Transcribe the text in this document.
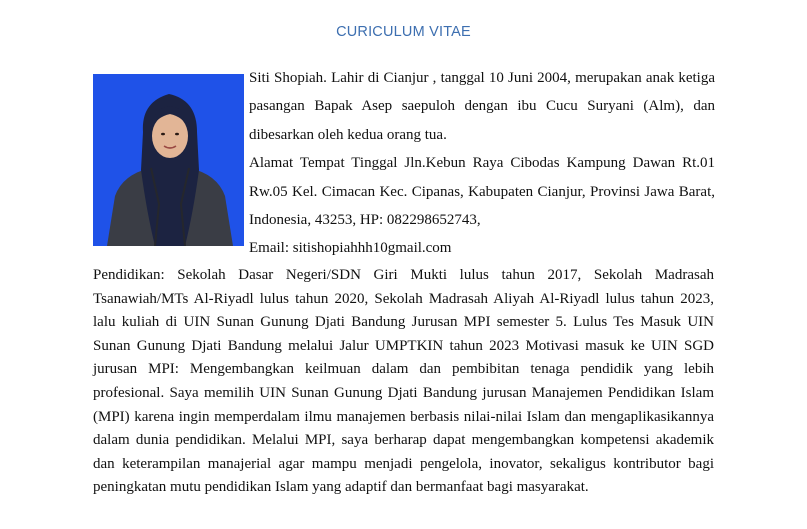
CURICULUM VITAE

Siti Shopiah. Lahir di Cianjur , tanggal 10 Juni 2004, merupakan anak ketiga pasangan Bapak Asep saepuloh dengan ibu Cucu Suryani (Alm), dan dibesarkan oleh kedua orang tua.

Alamat Tempat Tinggal Jln.Kebun Raya Cibodas Kampung Dawan Rt.01 Rw.05 Kel. Cimacan Kec. Cipanas, Kabupaten Cianjur, Provinsi Jawa Barat, Indonesia, 43253, HP: 082298652743,

Email: sitishopiahhh10gmail.com

Pendidikan: Sekolah Dasar Negeri/SDN Giri Mukti lulus tahun 2017, Sekolah Madrasah Tsanawiah/MTs Al-Riyadl lulus tahun 2020, Sekolah Madrasah Aliyah Al-Riyadl lulus tahun 2023, lalu kuliah di UIN Sunan Gunung Djati Bandung Jurusan MPI semester 5. Lulus Tes Masuk UIN Sunan Gunung Djati Bandung melalui Jalur UMPTKIN tahun 2023 Motivasi masuk ke UIN SGD jurusan MPI: Mengembangkan keilmuan dalam dan pembibitan tenaga pendidik yang lebih profesional. Saya memilih UIN Sunan Gunung Djati Bandung jurusan Manajemen Pendidikan Islam (MPI) karena ingin memperdalam ilmu manajemen berbasis nilai-nilai Islam dan mengaplikasikannya dalam dunia pendidikan. Melalui MPI, saya berharap dapat mengembangkan kompetensi akademik dan keterampilan manajerial agar mampu menjadi pengelola, inovator, sekaligus kontributor bagi peningkatan mutu pendidikan Islam yang adaptif dan bermanfaat bagi masyarakat.
